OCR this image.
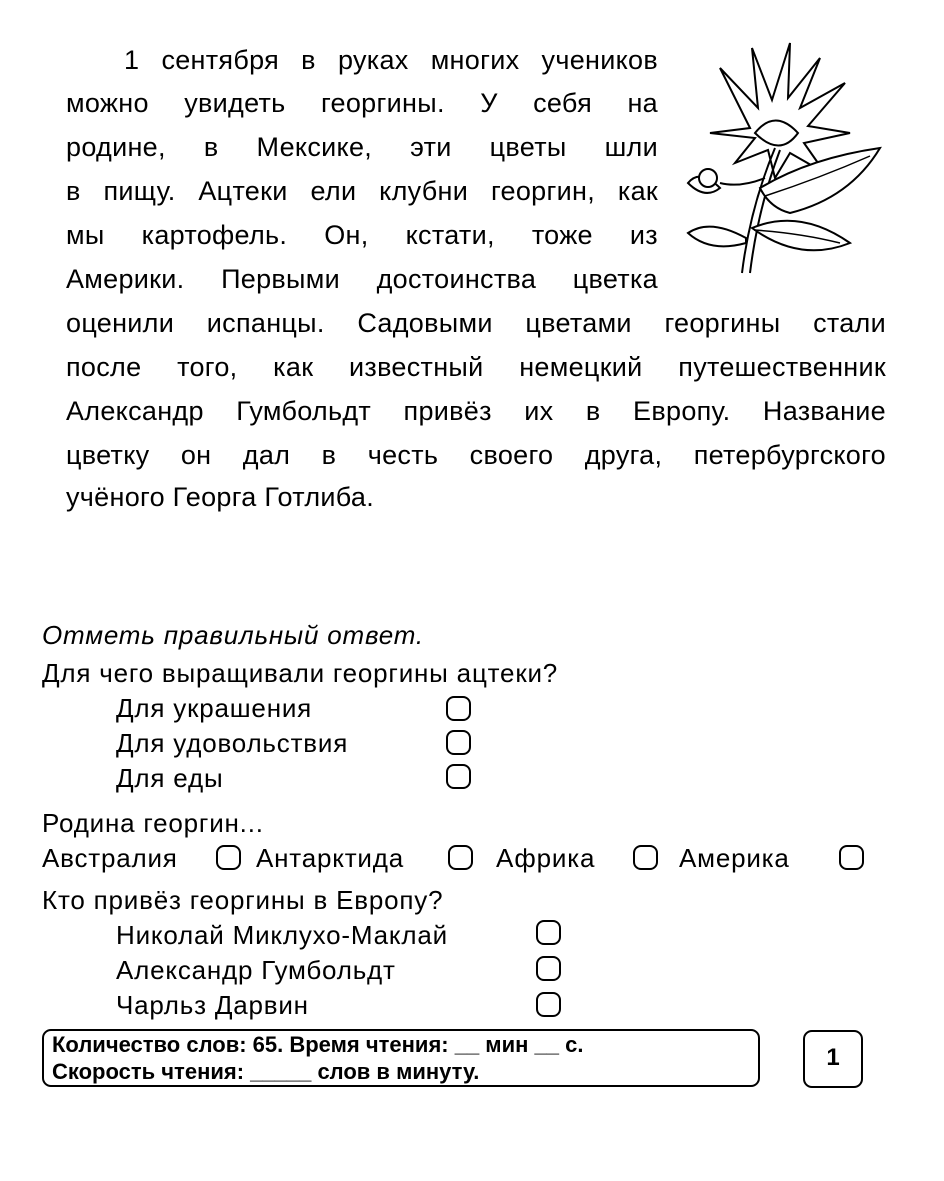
1 сентября в руках многих учеников
можно увидеть георгины. У себя на
родине, в Мексике, эти цветы шли
в пищу. Ацтеки ели клубни георгин, как
мы картофель. Он, кстати, тоже из
Америки. Первыми достоинства цветка
оценили испанцы. Садовыми цветами георгины стали
после того, как известный немецкий путешественник
Александр Гумбольдт привёз их в Европу. Название
цветку он дал в честь своего друга, петербургского
учёного Георга Готлиба.
Отметь правильный ответ.
Для чего выращивали георгины ацтеки?
Для украшения
Для удовольствия
Для еды
Родина георгин...
Австралия	Антарктида	Африка	Америка
Кто привёз георгины в Европу?
Николай Миклухо-Маклай
Александр Гумбольдт
Чарльз Дарвин
Количество слов: 65. Время чтения: __ мин __ с.
Скорость чтения: _____ слов в минуту.
1
